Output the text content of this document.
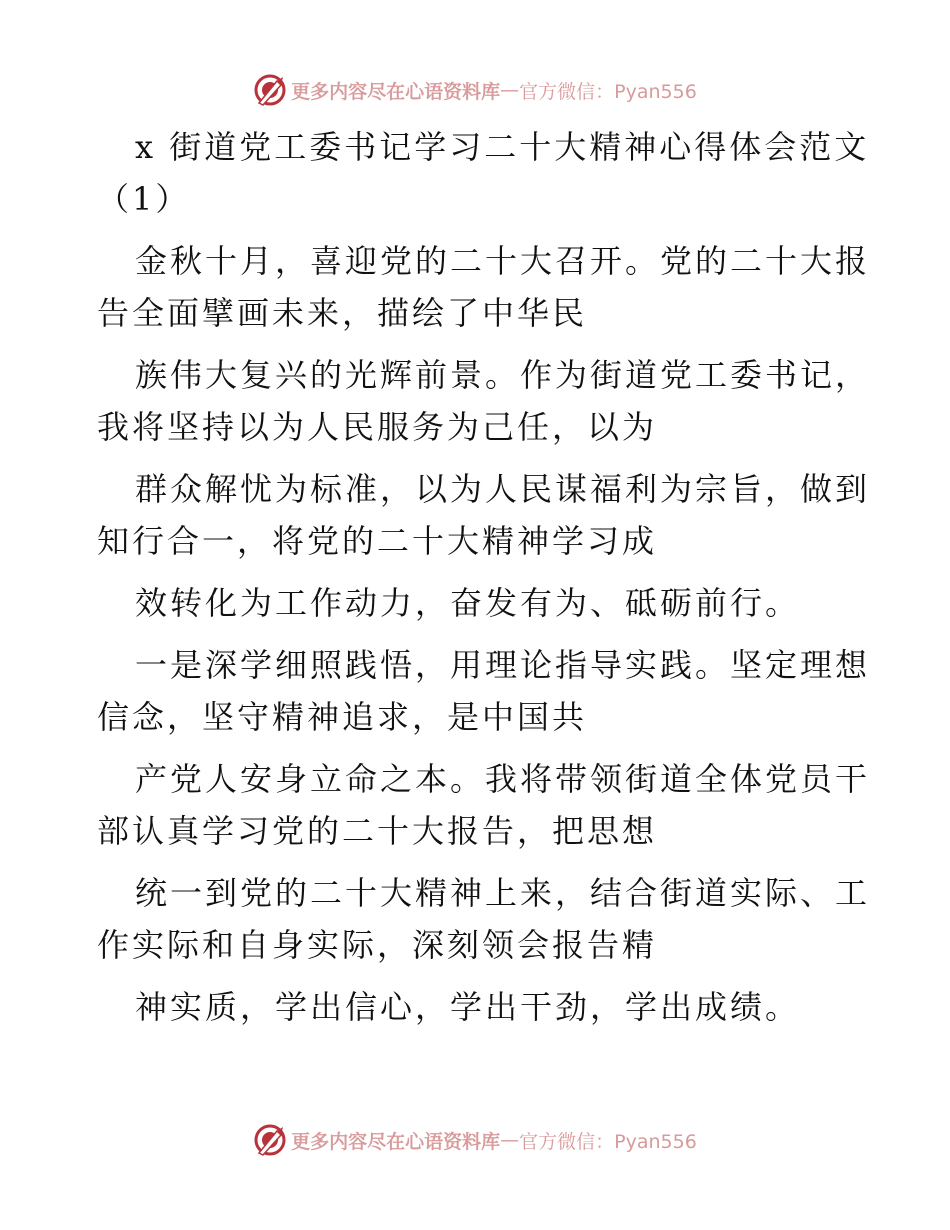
更多内容尽在心语资料库 — 官方微信：Pyan556
x 街道党工委书记学习二十大精神心得体会范文
（1）
金秋十月，喜迎党的二十大召开。党的二十大报
告全面擘画未来，描绘了中华民
族伟大复兴的光辉前景。作为街道党工委书记，
我将坚持以为人民服务为己任，以为
群众解忧为标准，以为人民谋福利为宗旨，做到
知行合一，将党的二十大精神学习成
效转化为工作动力，奋发有为、砥砺前行。
一是深学细照践悟，用理论指导实践。坚定理想
信念，坚守精神追求，是中国共
产党人安身立命之本。我将带领街道全体党员干
部认真学习党的二十大报告，把思想
统一到党的二十大精神上来，结合街道实际、工
作实际和自身实际，深刻领会报告精
神实质，学出信心，学出干劲，学出成绩。
更多内容尽在心语资料库 — 官方微信：Pyan556
